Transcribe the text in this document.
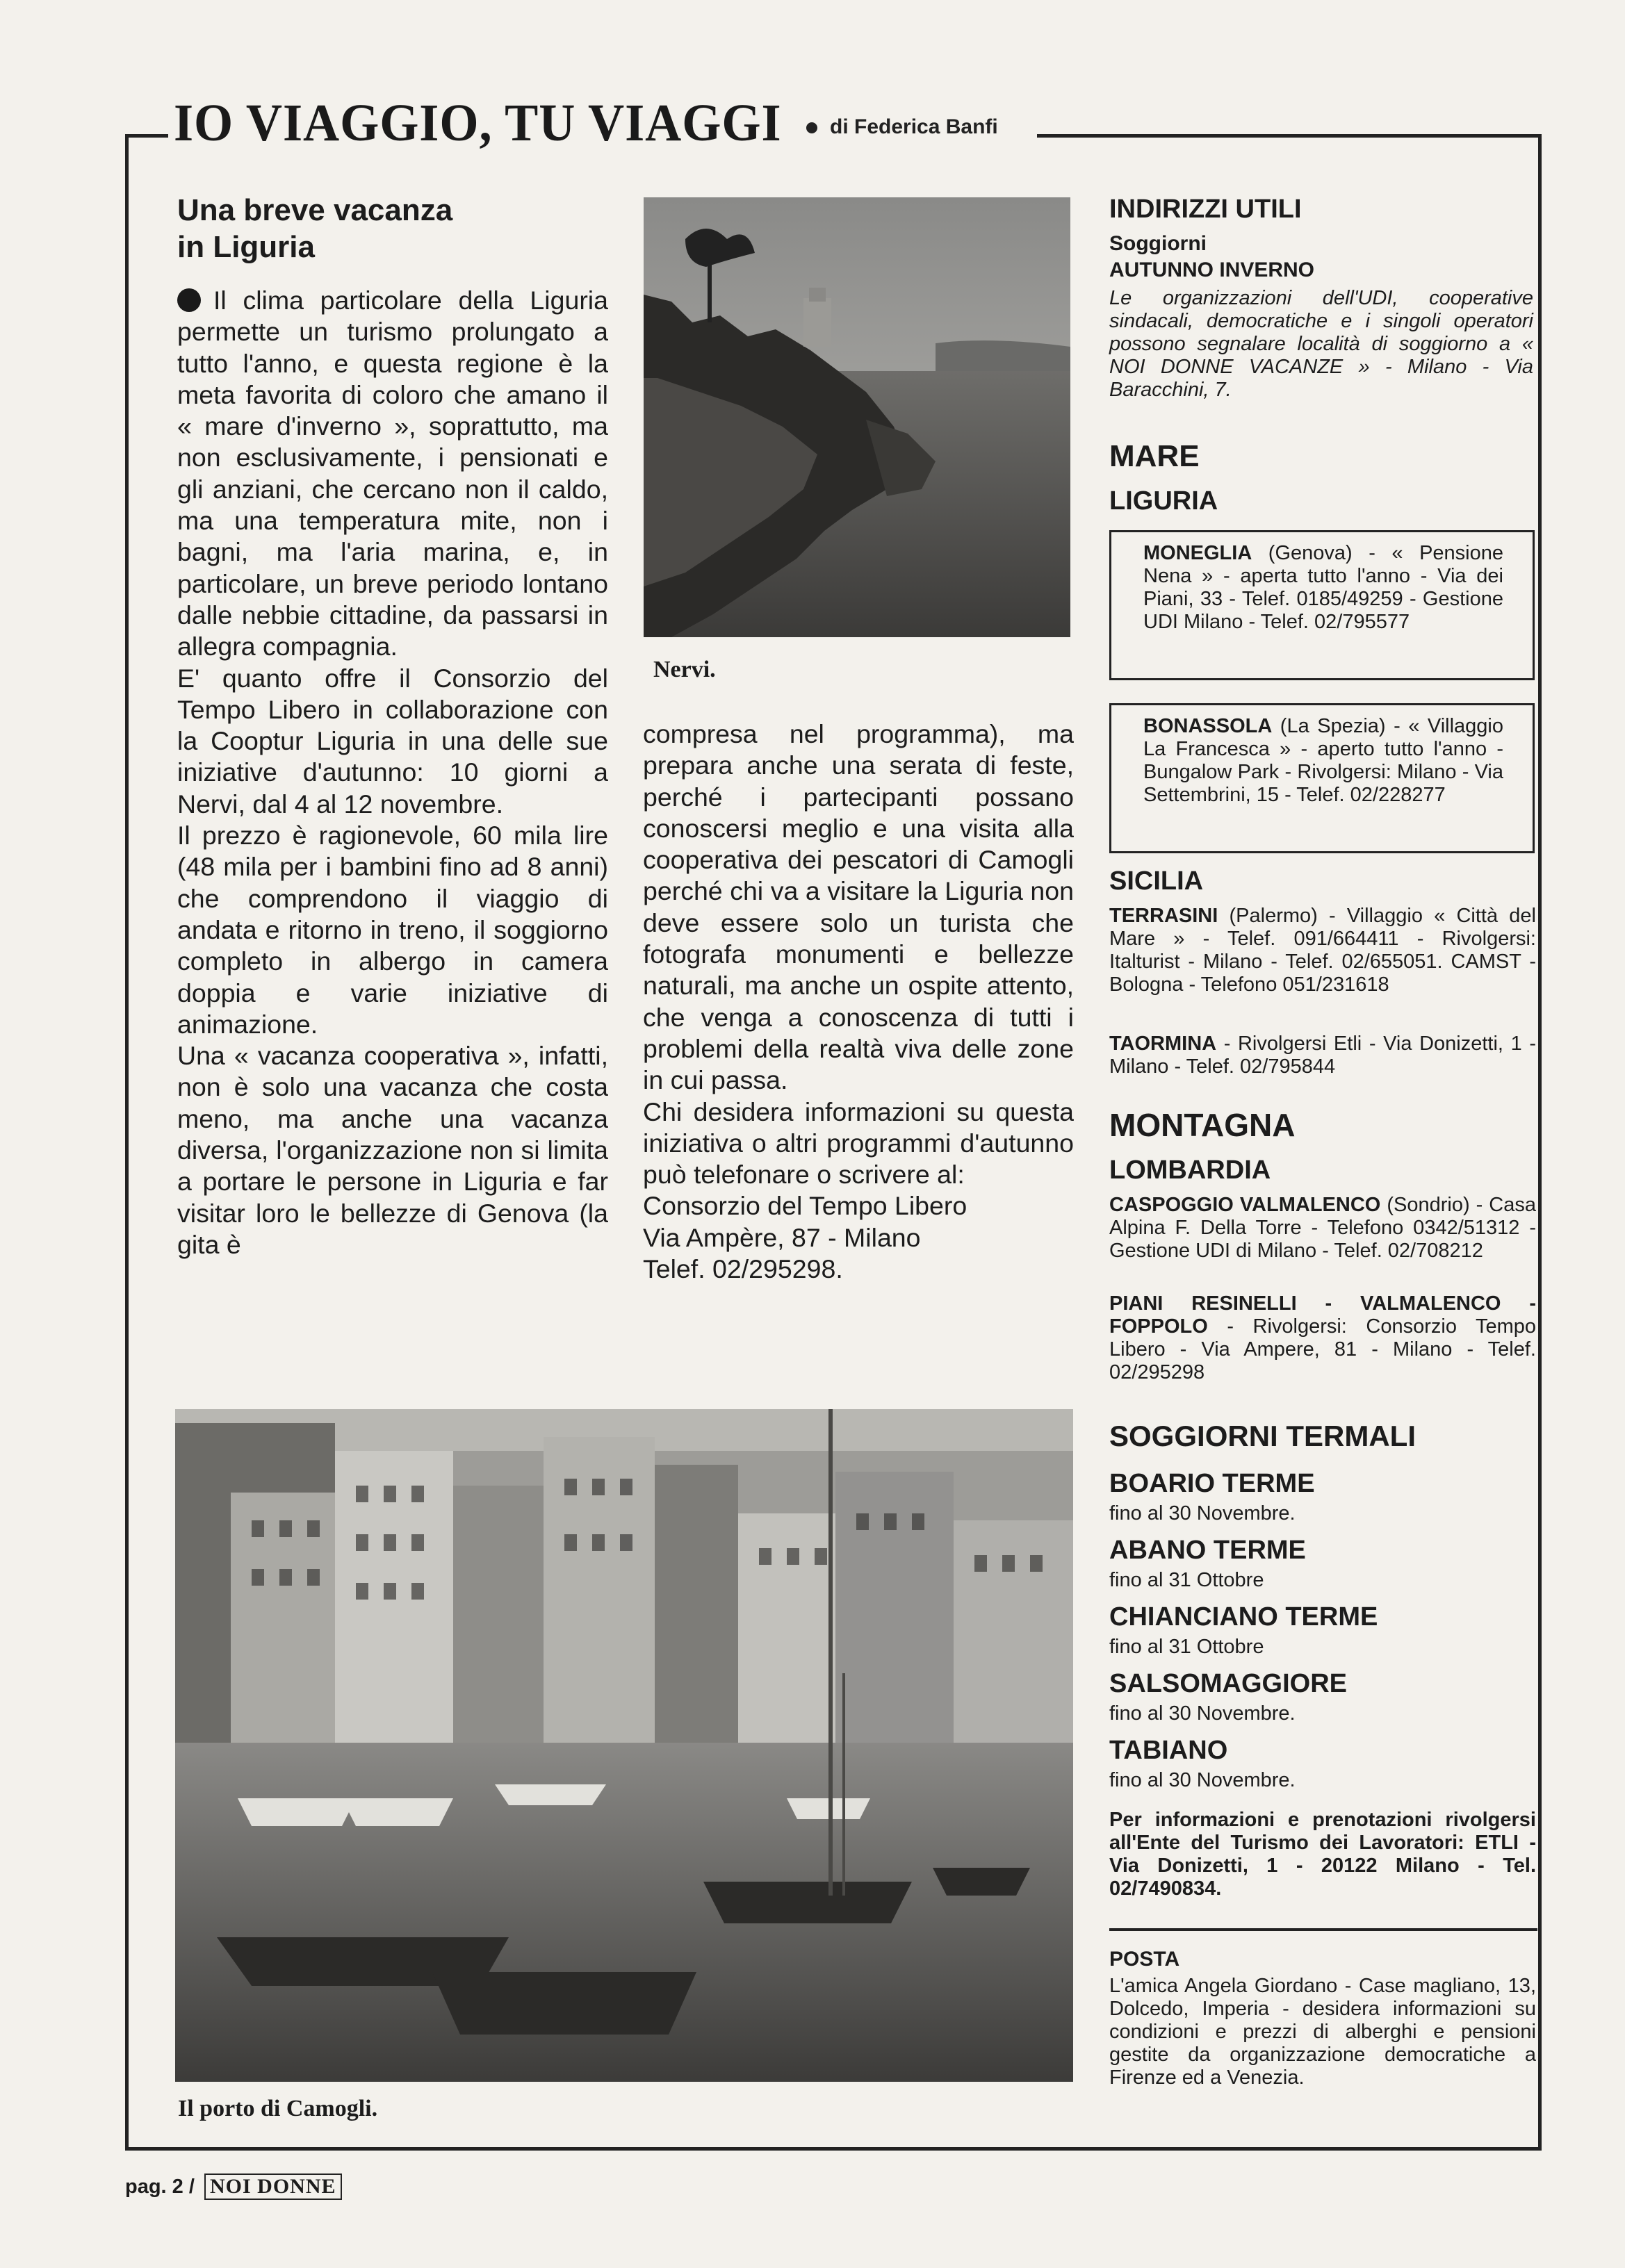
IO VIAGGIO, TU VIAGGI	di Federica Banfi
Una breve vacanza
in Liguria

Il clima particolare della Liguria permette un turismo prolungato a tutto l'anno, e questa regione è la meta favorita di coloro che amano il « mare d'inverno », soprattutto, ma non esclusivamente, i pensionati e gli anziani, che cercano non il caldo, ma una temperatura mite, non i bagni, ma l'aria marina, e, in particolare, un breve periodo lontano dalle nebbie cittadine, da passarsi in allegra compagnia.

E' quanto offre il Consorzio del Tempo Libero in collaborazione con la Cooptur Liguria in una delle sue iniziative d'autunno: 10 giorni a Nervi, dal 4 al 12 novembre.

Il prezzo è ragionevole, 60 mila lire (48 mila per i bambini fino ad 8 anni) che comprendono il viaggio di andata e ritorno in treno, il soggiorno completo in albergo in camera doppia e varie iniziative di animazione.

Una « vacanza cooperativa », infatti, non è solo una vacanza che costa meno, ma anche una vacanza diversa, l'organizzazione non si limita a portare le persone in Liguria e far visitar loro le bellezze di Genova (la gita è

Nervi.

compresa nel programma), ma prepara anche una serata di feste, perché i partecipanti possano conoscersi meglio e una visita alla cooperativa dei pescatori di Camogli perché chi va a visitare la Liguria non deve essere solo un turista che fotografa monumenti e bellezze naturali, ma anche un ospite attento, che venga a conoscenza di tutti i problemi della realtà viva delle zone in cui passa.

Chi desidera informazioni su questa iniziativa o altri programmi d'autunno può telefonare o scrivere al:

Consorzio del Tempo Libero

Via Ampère, 87 - Milano

Telef. 02/295298.

Il porto di Camogli.
INDIRIZZI UTILI
Soggiorni
AUTUNNO INVERNO
Le organizzazioni dell'UDI, cooperative sindacali, democratiche e i singoli operatori possono segnalare località di soggiorno a « NOI DONNE VACANZE » - Milano - Via Baracchini, 7.
MARE
LIGURIA

MONEGLIA (Genova) - « Pensione Nena » - aperta tutto l'anno - Via dei Piani, 33 - Telef. 0185/49259 - Gestione UDI Milano - Telef. 02/795577

BONASSOLA (La Spezia) - « Villaggio La Francesca » - aperto tutto l'anno - Bungalow Park - Rivolgersi: Milano - Via Settembrini, 15 - Telef. 02/228277

SICILIA
TERRASINI (Palermo) - Villaggio « Città del Mare » - Telef. 091/664411 - Rivolgersi: Italturist - Milano - Telef. 02/655051. CAMST - Bologna - Telefono 051/231618
TAORMINA - Rivolgersi Etli - Via Donizetti, 1 - Milano - Telef. 02/795844
MONTAGNA
LOMBARDIA
CASPOGGIO VALMALENCO (Sondrio) - Casa Alpina F. Della Torre - Telefono 0342/51312 - Gestione UDI di Milano - Telef. 02/708212
PIANI RESINELLI - VALMALENCO - FOPPOLO - Rivolgersi: Consorzio Tempo Libero - Via Ampere, 81 - Milano - Telef. 02/295298
SOGGIORNI TERMALI
BOARIO TERME
fino al 30 Novembre.
ABANO TERME
fino al 31 Ottobre
CHIANCIANO TERME
fino al 31 Ottobre
SALSOMAGGIORE
fino al 30 Novembre.
TABIANO
fino al 30 Novembre.
Per informazioni e prenotazioni rivolgersi all'Ente del Turismo dei Lavoratori: ETLI - Via Donizetti, 1 - 20122 Milano - Tel. 02/7490834.
POSTA
L'amica Angela Giordano - Case magliano, 13, Dolcedo, Imperia - desidera informazioni su condizioni e prezzi di alberghi e pensioni gestite da organizzazione democratiche a Firenze ed a Venezia.
pag. 2 / NOI DONNE
